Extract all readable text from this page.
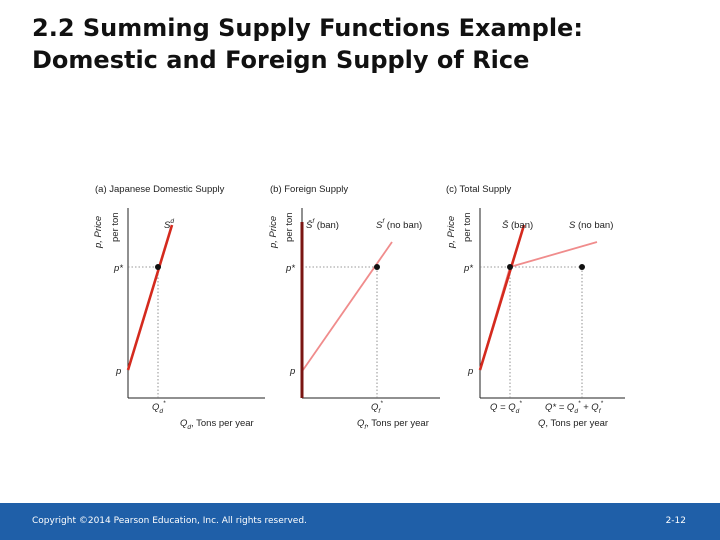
2.2 Summing Supply Functions Example:
Domestic and Foreign Supply of Rice
(a) Japanese Domestic Supply
p, Price per ton
p*
p
$S^d$
$Q_d^*$
$Q_d$, Tons per year
(b) Foreign Supply
p, Price per ton
p*
p
S̄$^f$ (ban)	$S^f$ (no ban)
$Q_f^*$
$Q_f$, Tons per year
(c) Total Supply
p, Price per ton
p*
p
S̄ (ban)	S (no ban)
$Q = Q_d^*$ $Q* = Q_d^* + Q_f^*$
Q, Tons per year
Copyright ©2014 Pearson Education, Inc. All rights reserved.	2-12
